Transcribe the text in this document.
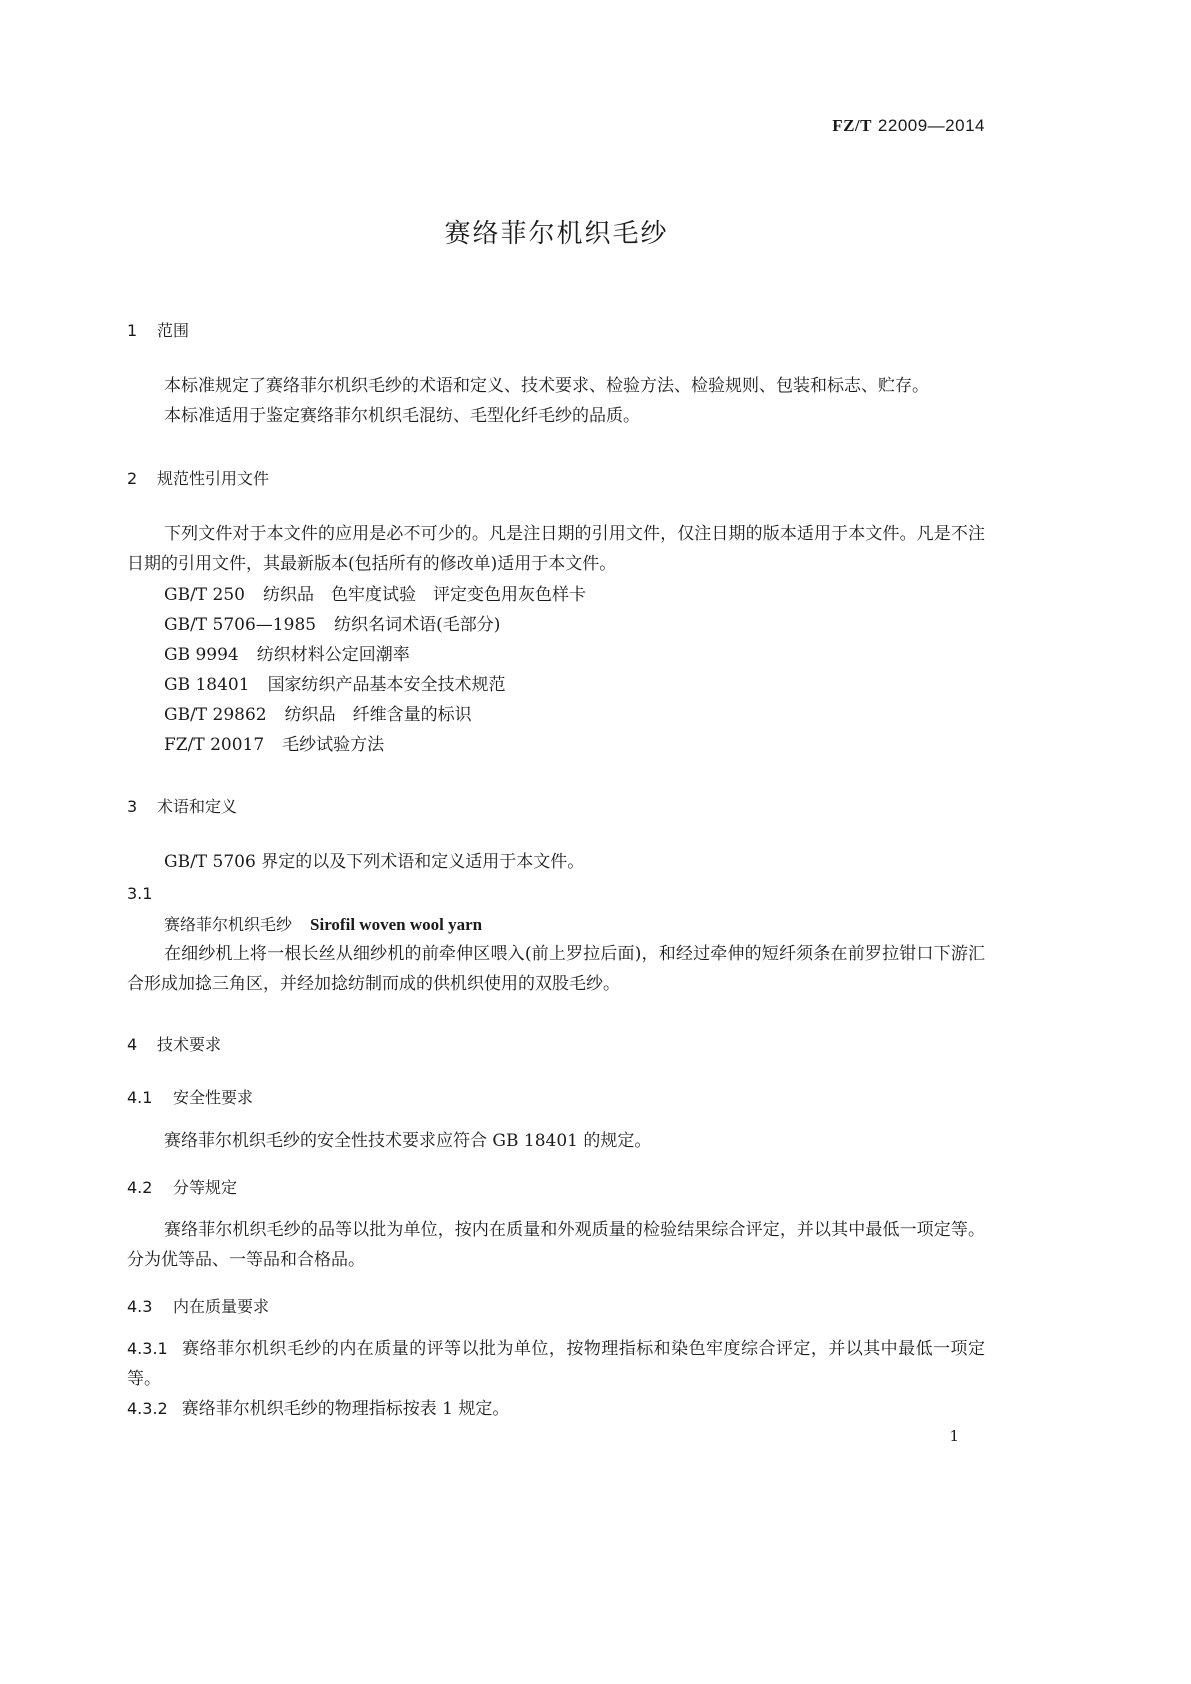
FZ/T 22009—2014
赛络菲尔机织毛纱
1 范围
本标准规定了赛络菲尔机织毛纱的术语和定义、技术要求、检验方法、检验规则、包装和标志、贮存。
本标准适用于鉴定赛络菲尔机织毛混纺、毛型化纤毛纱的品质。
2 规范性引用文件
下列文件对于本文件的应用是必不可少的。凡是注日期的引用文件，仅注日期的版本适用于本文件。凡是不注日期的引用文件，其最新版本(包括所有的修改单)适用于本文件。
GB/T 250 纺织品　色牢度试验　评定变色用灰色样卡
GB/T 5706—1985 纺织名词术语(毛部分)
GB 9994 纺织材料公定回潮率
GB 18401 国家纺织产品基本安全技术规范
GB/T 29862 纺织品　纤维含量的标识
FZ/T 20017 毛纱试验方法
3 术语和定义
GB/T 5706 界定的以及下列术语和定义适用于本文件。
3.1
赛络菲尔机织毛纱 Sirofil woven wool yarn
在细纱机上将一根长丝从细纱机的前牵伸区喂入(前上罗拉后面)，和经过牵伸的短纤须条在前罗拉钳口下游汇合形成加捻三角区，并经加捻纺制而成的供机织使用的双股毛纱。
4 技术要求
4.1 安全性要求
赛络菲尔机织毛纱的安全性技术要求应符合 GB 18401 的规定。
4.2 分等规定
赛络菲尔机织毛纱的品等以批为单位，按内在质量和外观质量的检验结果综合评定，并以其中最低一项定等。分为优等品、一等品和合格品。
4.3 内在质量要求
4.3.1 赛络菲尔机织毛纱的内在质量的评等以批为单位，按物理指标和染色牢度综合评定，并以其中最低一项定等。
4.3.2 赛络菲尔机织毛纱的物理指标按表 1 规定。
1
